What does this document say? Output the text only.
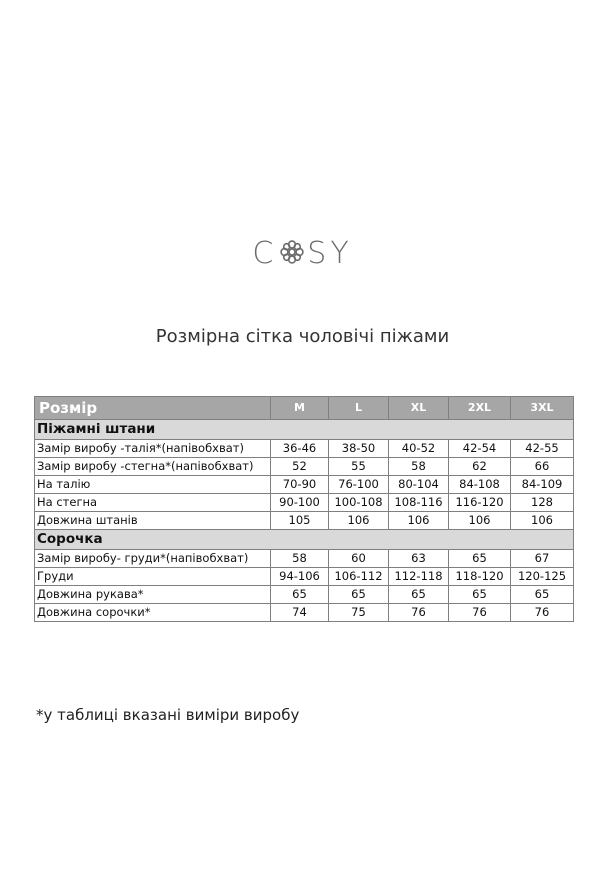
C SY
Розмірна сітка чоловічі піжами
Розмір	M	L	XL	2XL	3XL
Піжамні штани					
Замір виробу -талія*(напівобхват)	36-46	38-50	40-52	42-54	42-55
Замір виробу -стегна*(напівобхват)	52	55	58	62	66
На талію	70-90	76-100	80-104	84-108	84-109
На стегна	90-100	100-108	108-116	116-120	128
Довжина штанів	105	106	106	106	106
Сорочка					
Замір виробу- груди*(напівобхват)	58	60	63	65	67
Груди	94-106	106-112	112-118	118-120	120-125
Довжина рукава*	65	65	65	65	65
Довжина сорочки*	74	75	76	76	76
*у таблиці вказані виміри виробу
